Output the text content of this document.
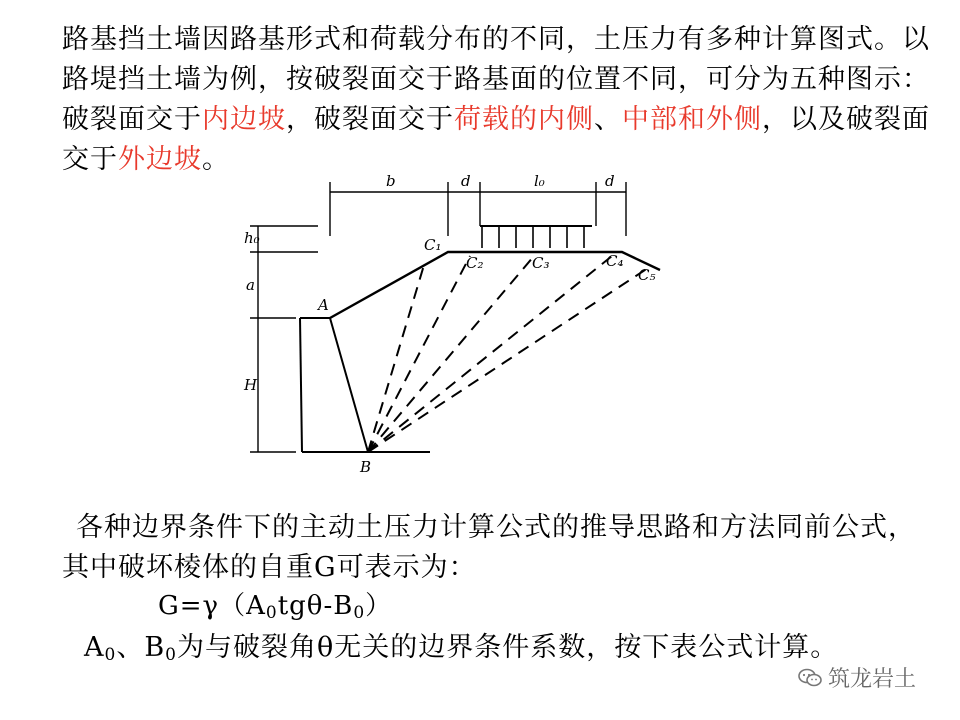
路基挡土墙因路基形式和荷载分布的不同，土压力有多种计算图式。以路堤挡土墙为例，按破裂面交于路基面的位置不同，可分为五种图示：破裂面交于内边坡，破裂面交于荷载的内侧、中部和外侧，以及破裂面交于外边坡。

b	d	l₀	d
h₀
a
H
A
B
C₁
C₂	C₃	C₄
C₅

各种边界条件下的主动土压力计算公式的推导思路和方法同前公式，其中破坏棱体的自重G可表示为：

$G=\gamma(A_0tg\theta-B_0)$
$A_0$、$B_0$为与破裂角θ无关的边界条件系数，按下表公式计算。
筑龙岩土
